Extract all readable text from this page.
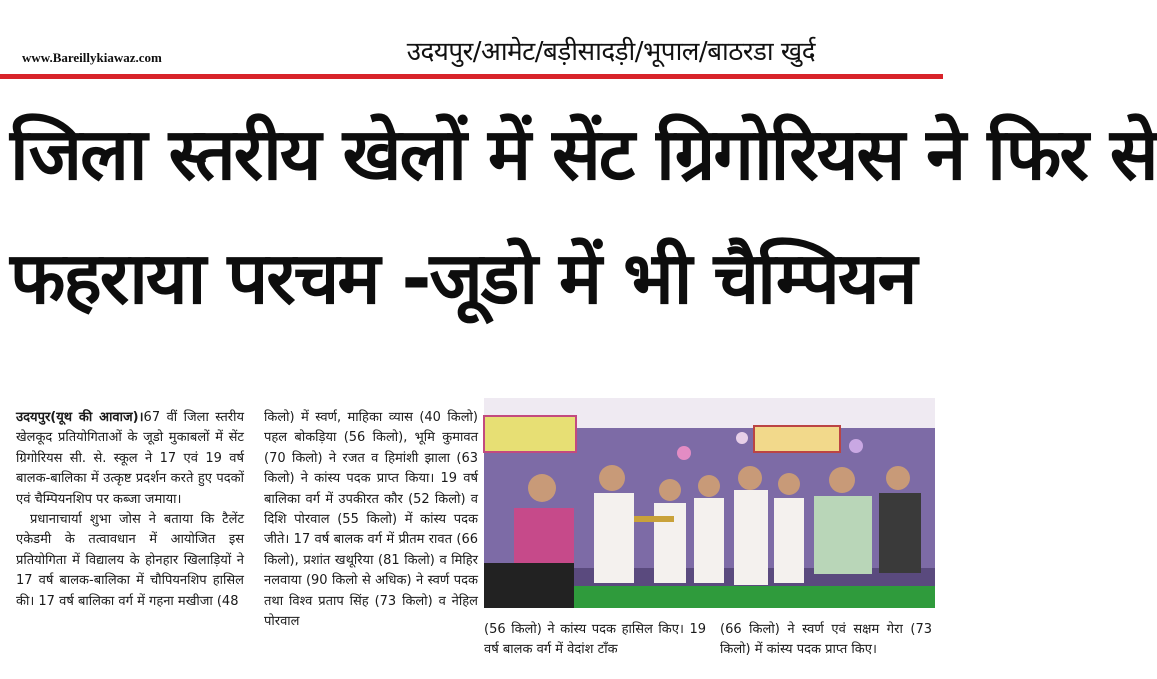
www.Bareillykiawaz.com	उदयपुर/आमेट/बड़ीसादड़ी/भूपाल/बाठरडा खुर्द
जिला स्तरीय खेलों में सेंट ग्रिगोरियस ने फिर से
फहराया परचम -जूडो में भी चैम्पियन

उदयपुर(यूथ की आवाज)।67 वीं जिला स्तरीय खेलकूद प्रतियोगिताओं के जूडो मुकाबलों में सेंट ग्रिगोरियस सी. से. स्कूल ने 17 एवं 19 वर्ष बालक-बालिका में उत्कृष्ट प्रदर्शन करते हुए पदकों एवं चैम्पियनशिप पर कब्जा जमाया।

प्रधानाचार्या शुभा जोस ने बताया कि टैलेंट एकेडमी के तत्वावधान में आयोजित इस प्रतियोगिता में विद्यालय के होनहार खिलाड़ियों ने 17 वर्ष बालक-बालिका में चौपियनशिप हासिल की। 17 वर्ष बालिका वर्ग में गहना मखीजा (48

किलो) में स्वर्ण, माहिका व्यास (40 किलो) पहल बोकड़िया (56 किलो), भूमि कुमावत (70 किलो) ने रजत व हिमांशी झाला (63 किलो) ने कांस्य पदक प्राप्त किया। 19 वर्ष बालिका वर्ग में उपकीरत कौर (52 किलो) व दिशि पोरवाल (55 किलो) में कांस्य पदक जीते। 17 वर्ष बालक वर्ग में प्रीतम रावत (66 किलो), प्रशांत खथूरिया (81 किलो) व मिहिर नलवाया (90 किलो से अधिक) ने स्वर्ण पदक तथा विश्व प्रताप सिंह (73 किलो) व नेहिल पोरवाल

(56 किलो) ने कांस्य पदक हासिल किए। 19 वर्ष बालक वर्ग में वेदांश टाँक

(66 किलो) ने स्वर्ण एवं सक्षम गेरा (73 किलो) में कांस्य पदक प्राप्त किए।
